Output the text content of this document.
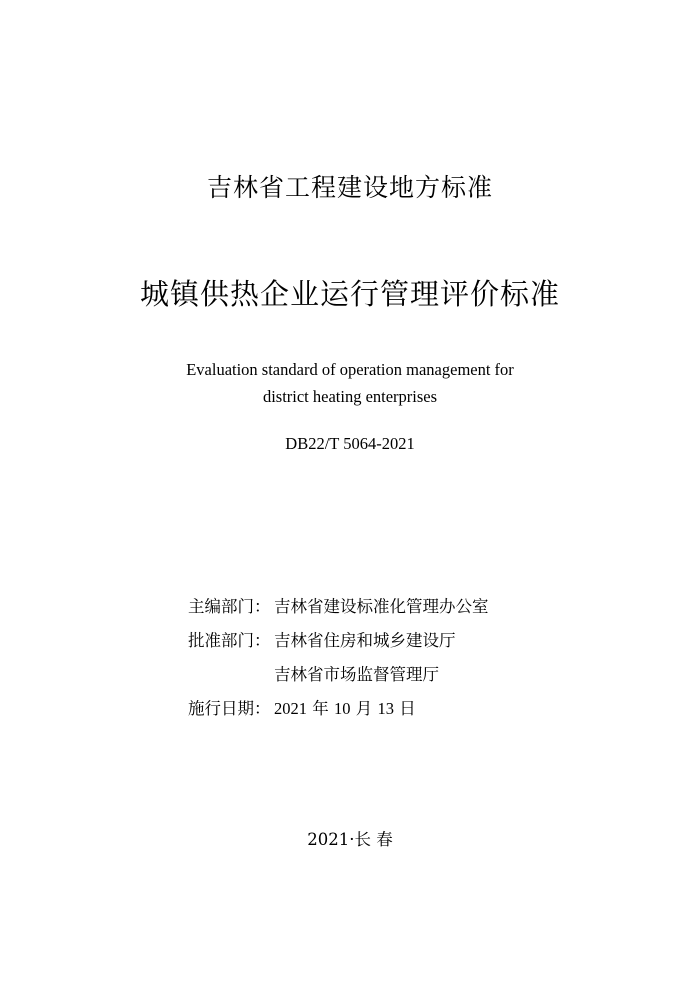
吉林省工程建设地方标准
城镇供热企业运行管理评价标准
Evaluation standard of operation management for
district heating enterprises
DB22/T 5064-2021
主编部门： 吉林省建设标准化管理办公室
批准部门： 吉林省住房和城乡建设厅
吉林省市场监督管理厅
施行日期： 2021 年 10 月 13 日
2021·长 春
